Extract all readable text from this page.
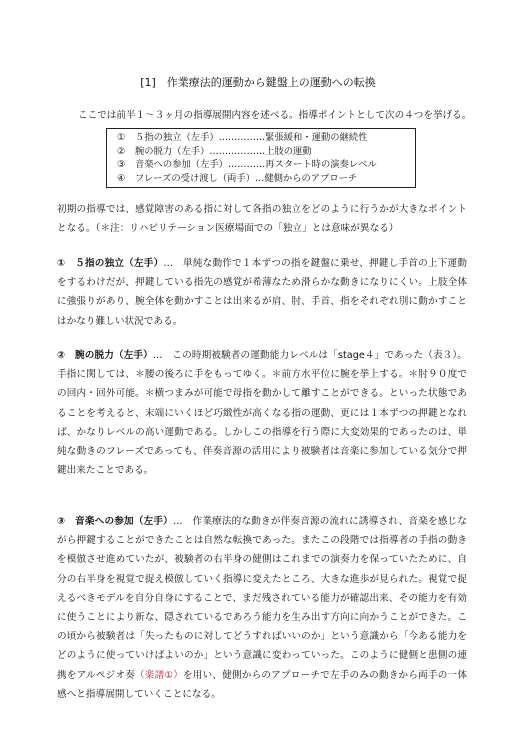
[1]　作業療法的運動から鍵盤上の運動への転換
ここでは前半１～３ヶ月の指導展開内容を述べる。指導ポイントとして次の４つを挙げる。
① ５指の独立（左手）……………緊張緩和・運動の継続性
② 腕の脱力（左手）………………上肢の運動
③ 音楽への参加（左手）…………再スタート時の演奏レベル
④ フレーズの受け渡し（両手）…健側からのアプローチ

初期の指導では、感覚障害のある指に対して各指の独立をどのように行うかが大きなポイントとなる。（＊注：リハビリテーション医療場面での「独立」とは意味が異なる）

①　５指の独立（左手）…　単純な動作で１本ずつの指を鍵盤に乗せ、押鍵し手首の上下運動をするわけだが、押鍵している指先の感覚が希薄なため滑らかな動きになりにくい。上肢全体に強張りがあり、腕全体を動かすことは出来るが肩、肘、手首、指をそれぞれ別に動かすことはかなり難しい状況である。

②　腕の脱力（左手）…　この時期被験者の運動能力レベルは「stage４」であった（表３）。手指に関しては、＊腰の後ろに手をもってゆく。＊前方水平位に腕を挙上する。＊肘９０度での回内・回外可能。＊横つまみが可能で母指を動かして離すことができる。といった状態であることを考えると、末端にいくほど巧緻性が高くなる指の運動、更には１本ずつの押鍵となれば、かなりレベルの高い運動である。しかしこの指導を行う際に大変効果的であったのは、単純な動きのフレーズであっても、伴奏音源の活用により被験者は音楽に参加している気分で押鍵出来たことである。

③　音楽への参加（左手）…　作業療法的な動きが伴奏音源の流れに誘導され、音楽を感じながら押鍵することができたことは自然な転換であった。またこの段階では指導者の手指の動きを模倣させ進めていたが、被験者の右半身の健側はこれまでの演奏力を保っていたために、自分の右半身を視覚で捉え模倣していく指導に変えたところ、大きな進歩が見られた。視覚で捉えるべきモデルを自分自身にすることで、まだ残されている能力が確認出来、その能力を有効に使うことにより新な、隠されているであろう能力を生み出す方向に向かうことができた。この頃から被験者は「失ったものに対してどうすればいいのか」という意識から「今ある能力をどのように使っていけばよいのか」という意識に変わっていった。このように健側と患側の連携をアルペジオ奏（楽譜①）を用い、健側からのアプローチで左手のみの動きから両手の一体感へと指導展開していくことになる。
